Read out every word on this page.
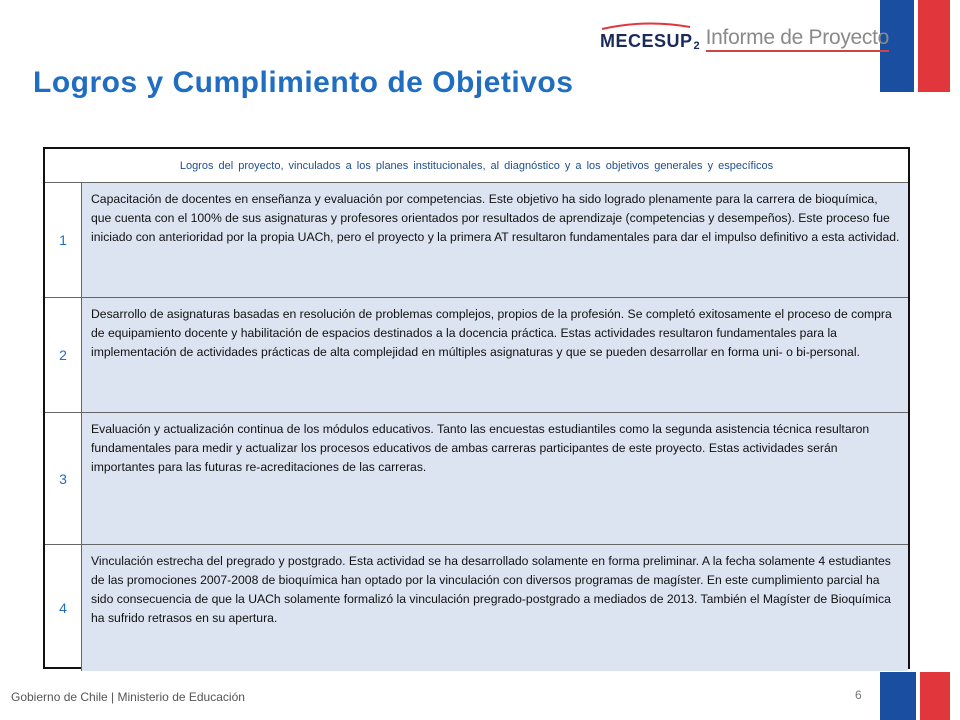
MECESUP 2 Informe de Proyecto
Logros y Cumplimiento de Objetivos
Logros del proyecto, vinculados a los planes institucionales, al diagnóstico y a los objetivos generales y específicos
1
Capacitación de docentes en enseñanza y evaluación por competencias. Este objetivo ha sido logrado plenamente para la carrera de bioquímica, que cuenta con el 100% de sus asignaturas y profesores orientados por resultados de aprendizaje (competencias y desempeños). Este proceso fue iniciado con anterioridad por la propia UACh, pero el proyecto y la primera AT resultaron fundamentales para dar el impulso definitivo a esta actividad.
2
Desarrollo de asignaturas basadas en resolución de problemas complejos, propios de la profesión. Se completó exitosamente el proceso de compra de equipamiento docente y habilitación de espacios destinados a la docencia práctica. Estas actividades resultaron fundamentales para la implementación de actividades prácticas de alta complejidad en múltiples asignaturas y que se pueden desarrollar en forma uni- o bi-personal.
3
Evaluación y actualización continua de los módulos educativos. Tanto las encuestas estudiantiles como la segunda asistencia técnica resultaron fundamentales para medir y actualizar los procesos educativos de ambas carreras participantes de este proyecto. Estas actividades serán importantes para las futuras re-acreditaciones de las carreras.
4
Vinculación estrecha del pregrado y postgrado. Esta actividad se ha desarrollado solamente en forma preliminar. A la fecha solamente 4 estudiantes de las promociones 2007-2008 de bioquímica han optado por la vinculación con diversos programas de magíster. En este cumplimiento parcial ha sido consecuencia de que la UACh solamente formalizó la vinculación pregrado-postgrado a mediados de 2013. También el Magíster de Bioquímica ha sufrido retrasos en su apertura.
Gobierno de Chile | Ministerio de Educación	6
